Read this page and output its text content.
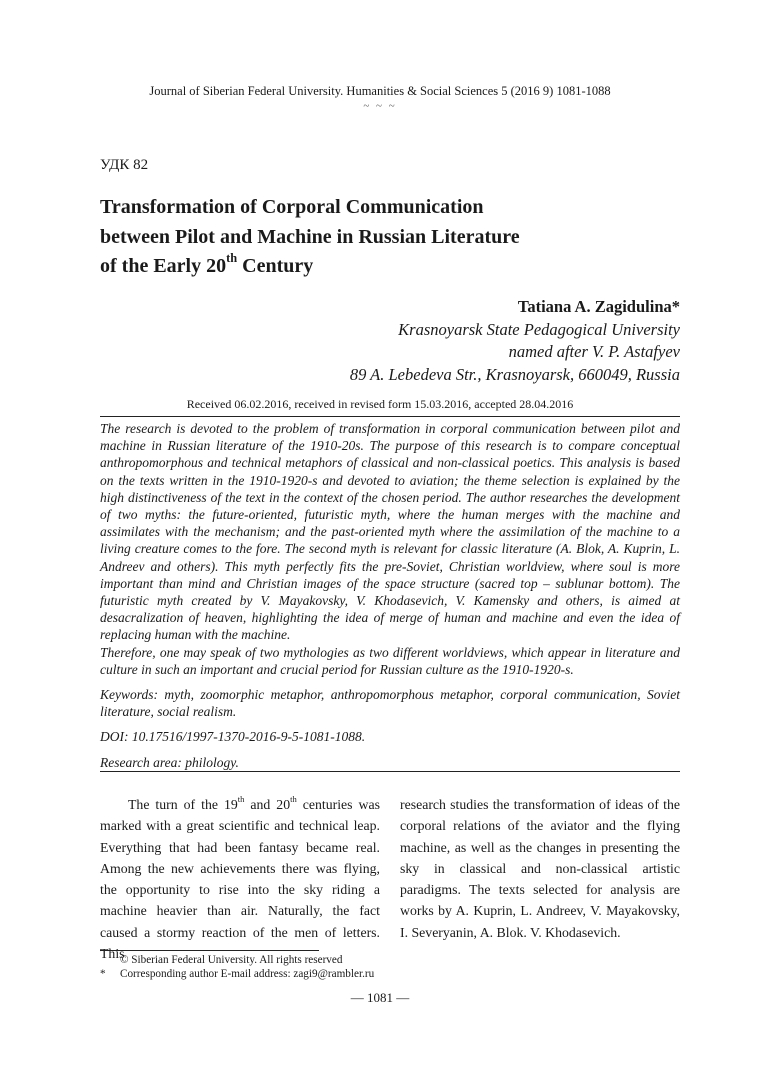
Journal of Siberian Federal University. Humanities & Social Sciences 5 (2016 9) 1081-1088
~ ~ ~
УДК 82
Transformation of Corporal Communication
between Pilot and Machine in Russian Literature
of the Early 20th Century
Tatiana A. Zagidulina*
Krasnoyarsk State Pedagogical University
named after V. P. Astafyev
89 A. Lebedeva Str., Krasnoyarsk, 660049, Russia
Received 06.02.2016, received in revised form 15.03.2016, accepted 28.04.2016

The research is devoted to the problem of transformation in corporal communication between pilot and machine in Russian literature of the 1910-20s. The purpose of this research is to compare conceptual anthropomorphous and technical metaphors of classical and non-classical poetics. This analysis is based on the texts written in the 1910-1920-s and devoted to aviation; the theme selection is explained by the high distinctiveness of the text in the context of the chosen period. The author researches the development of two myths: the future-oriented, futuristic myth, where the human merges with the machine and assimilates with the mechanism; and the past-oriented myth where the assimilation of the machine to a living creature comes to the fore. The second myth is relevant for classic literature (A. Blok, A. Kuprin, L. Andreev and others). This myth perfectly fits the pre-Soviet, Christian worldview, where soul is more important than mind and Christian images of the space structure (sacred top – sublunar bottom). The futuristic myth created by V. Mayakovsky, V. Khodasevich, V. Kamensky and others, is aimed at desacralization of heaven, highlighting the idea of merge of human and machine and even the idea of replacing human with the machine.

Therefore, one may speak of two mythologies as two different worldviews, which appear in literature and culture in such an important and crucial period for Russian culture as the 1910-1920-s.

Keywords: myth, zoomorphic metaphor, anthropomorphous metaphor, corporal communication, Soviet literature, social realism.

DOI: 10.17516/1997-1370-2016-9-5-1081-1088.

Research area: philology.

The turn of the 19th and 20th centuries was marked with a great scientific and technical leap. Everything that had been fantasy became real. Among the new achievements there was flying, the opportunity to rise into the sky riding a machine heavier than air. Naturally, the fact caused a stormy reaction of the men of letters. This

research studies the transformation of ideas of the corporal relations of the aviator and the flying machine, as well as the changes in presenting the sky in classical and non-classical artistic paradigms. The texts selected for analysis are works by A. Kuprin, L. Andreev, V. Mayakovsky, I. Severyanin, A. Blok. V. Khodasevich.

© Siberian Federal University. All rights reserved
* Corresponding author E-mail address: zagi9@rambler.ru
— 1081 —
